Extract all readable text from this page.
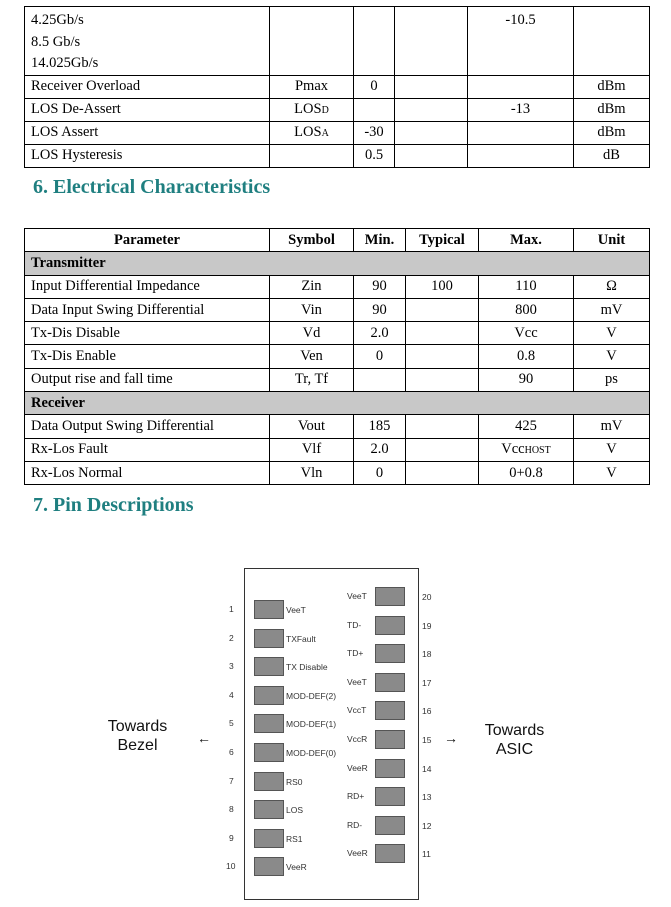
4.25Gb/s
8.5 Gb/s
14.025Gb/s				-10.5	

Receiver Overload	Pmax	0			dBm

LOS De-Assert	LOSD			-13	dBm

LOS Assert	LOSA	-30			dBm

LOS Hysteresis		0.5			dB
6. Electrical Characteristics
Parameter	Symbol	Min.	Typical	Max.	Unit
Transmitter					
Input Differential Impedance	Zin	90	100	110	Ω
Data Input Swing Differential	Vin	90		800	mV
Tx-Dis Disable	Vd	2.0		Vcc	V
Tx-Dis Enable	Ven	0		0.8	V
Output rise and fall time	Tr, Tf			90	ps
Receiver					
Data Output Swing Differential	Vout	185		425	mV
Rx-Los Fault	Vlf	2.0		VccHOST	V
Rx-Los Normal	Vln	0		0+0.8	V
7. Pin Descriptions
Towards
Bezel	←	Towards
ASIC
→
1	VeeT
2	TXFault
3	TX Disable
4	MOD-DEF(2)
5	MOD-DEF(1)
6	MOD-DEF(0)
7	RS0
8	LOS
9	RS1
10	VeeR
VeeT	20
TD-	19
TD+	18
VeeT	17
VccT	16
VccR	15
VeeR	14
RD+	13
RD-	12
VeeR	11
